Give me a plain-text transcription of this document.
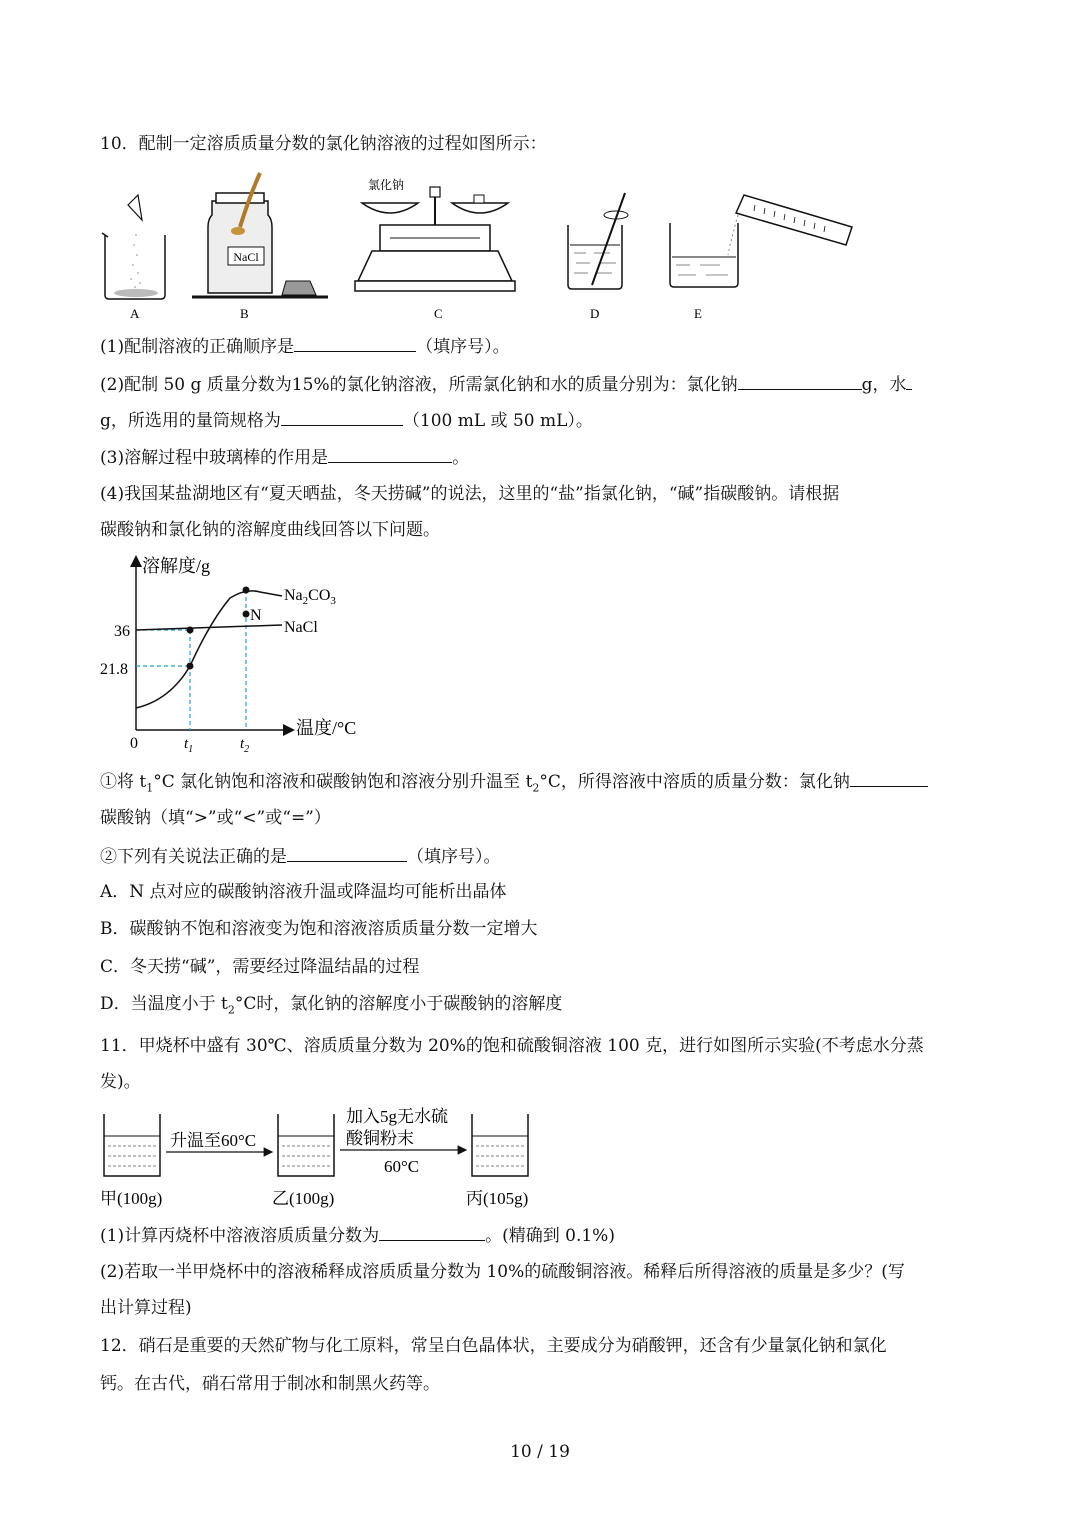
10．配制一定溶质质量分数的氯化钠溶液的过程如图所示：
NaCl
氯化钠
A	B	C	D	E
(1)配制溶液的正确顺序是	（填序号）。
(2)配制 50 g 质量分数为15%的氯化钠溶液，所需氯化钠和水的质量分别为：氯化钠	g，水
g，所选用的量筒规格为	（100 mL 或 50 mL）。
(3)溶解过程中玻璃棒的作用是	。
(4)我国某盐湖地区有“夏天晒盐，冬天捞碱”的说法，这里的“盐”指氯化钠，“碱”指碳酸钠。请根据
碳酸钠和氯化钠的溶解度曲线回答以下问题。
溶解度/g
温度/°C
0
36
21.8
$t_1$	$t_2$
N
$Na_2CO_3$
NaCl
①将 $t_1^\circ C$ 氯化钠饱和溶液和碳酸钠饱和溶液分别升温至 $t_2^\circ C$，所得溶液中溶质的质量分数：氯化钠
碳酸钠（填“>”或“<”或“=”）
②下列有关说法正确的是	（填序号）。
A．N 点对应的碳酸钠溶液升温或降温均可能析出晶体
B．碳酸钠不饱和溶液变为饱和溶液溶质质量分数一定增大
C．冬天捞“碱”，需要经过降温结晶的过程
D．当温度小于 $t_2^\circ C$时，氯化钠的溶解度小于碳酸钠的溶解度
11．甲烧杯中盛有 30℃、溶质质量分数为 20%的饱和硫酸铜溶液 100 克，进行如图所示实验(不考虑水分蒸
发)。
升温至60°C
加入5g无水硫
酸铜粉末
60°C
甲(100g)	乙(100g)	丙(105g)
(1)计算丙烧杯中溶液溶质质量分数为	。(精确到 0.1%)
(2)若取一半甲烧杯中的溶液稀释成溶质质量分数为 10%的硫酸铜溶液。稀释后所得溶液的质量是多少？(写
出计算过程)
12．硝石是重要的天然矿物与化工原料，常呈白色晶体状，主要成分为硝酸钾，还含有少量氯化钠和氯化
钙。在古代，硝石常用于制冰和制黑火药等。
10 / 19
